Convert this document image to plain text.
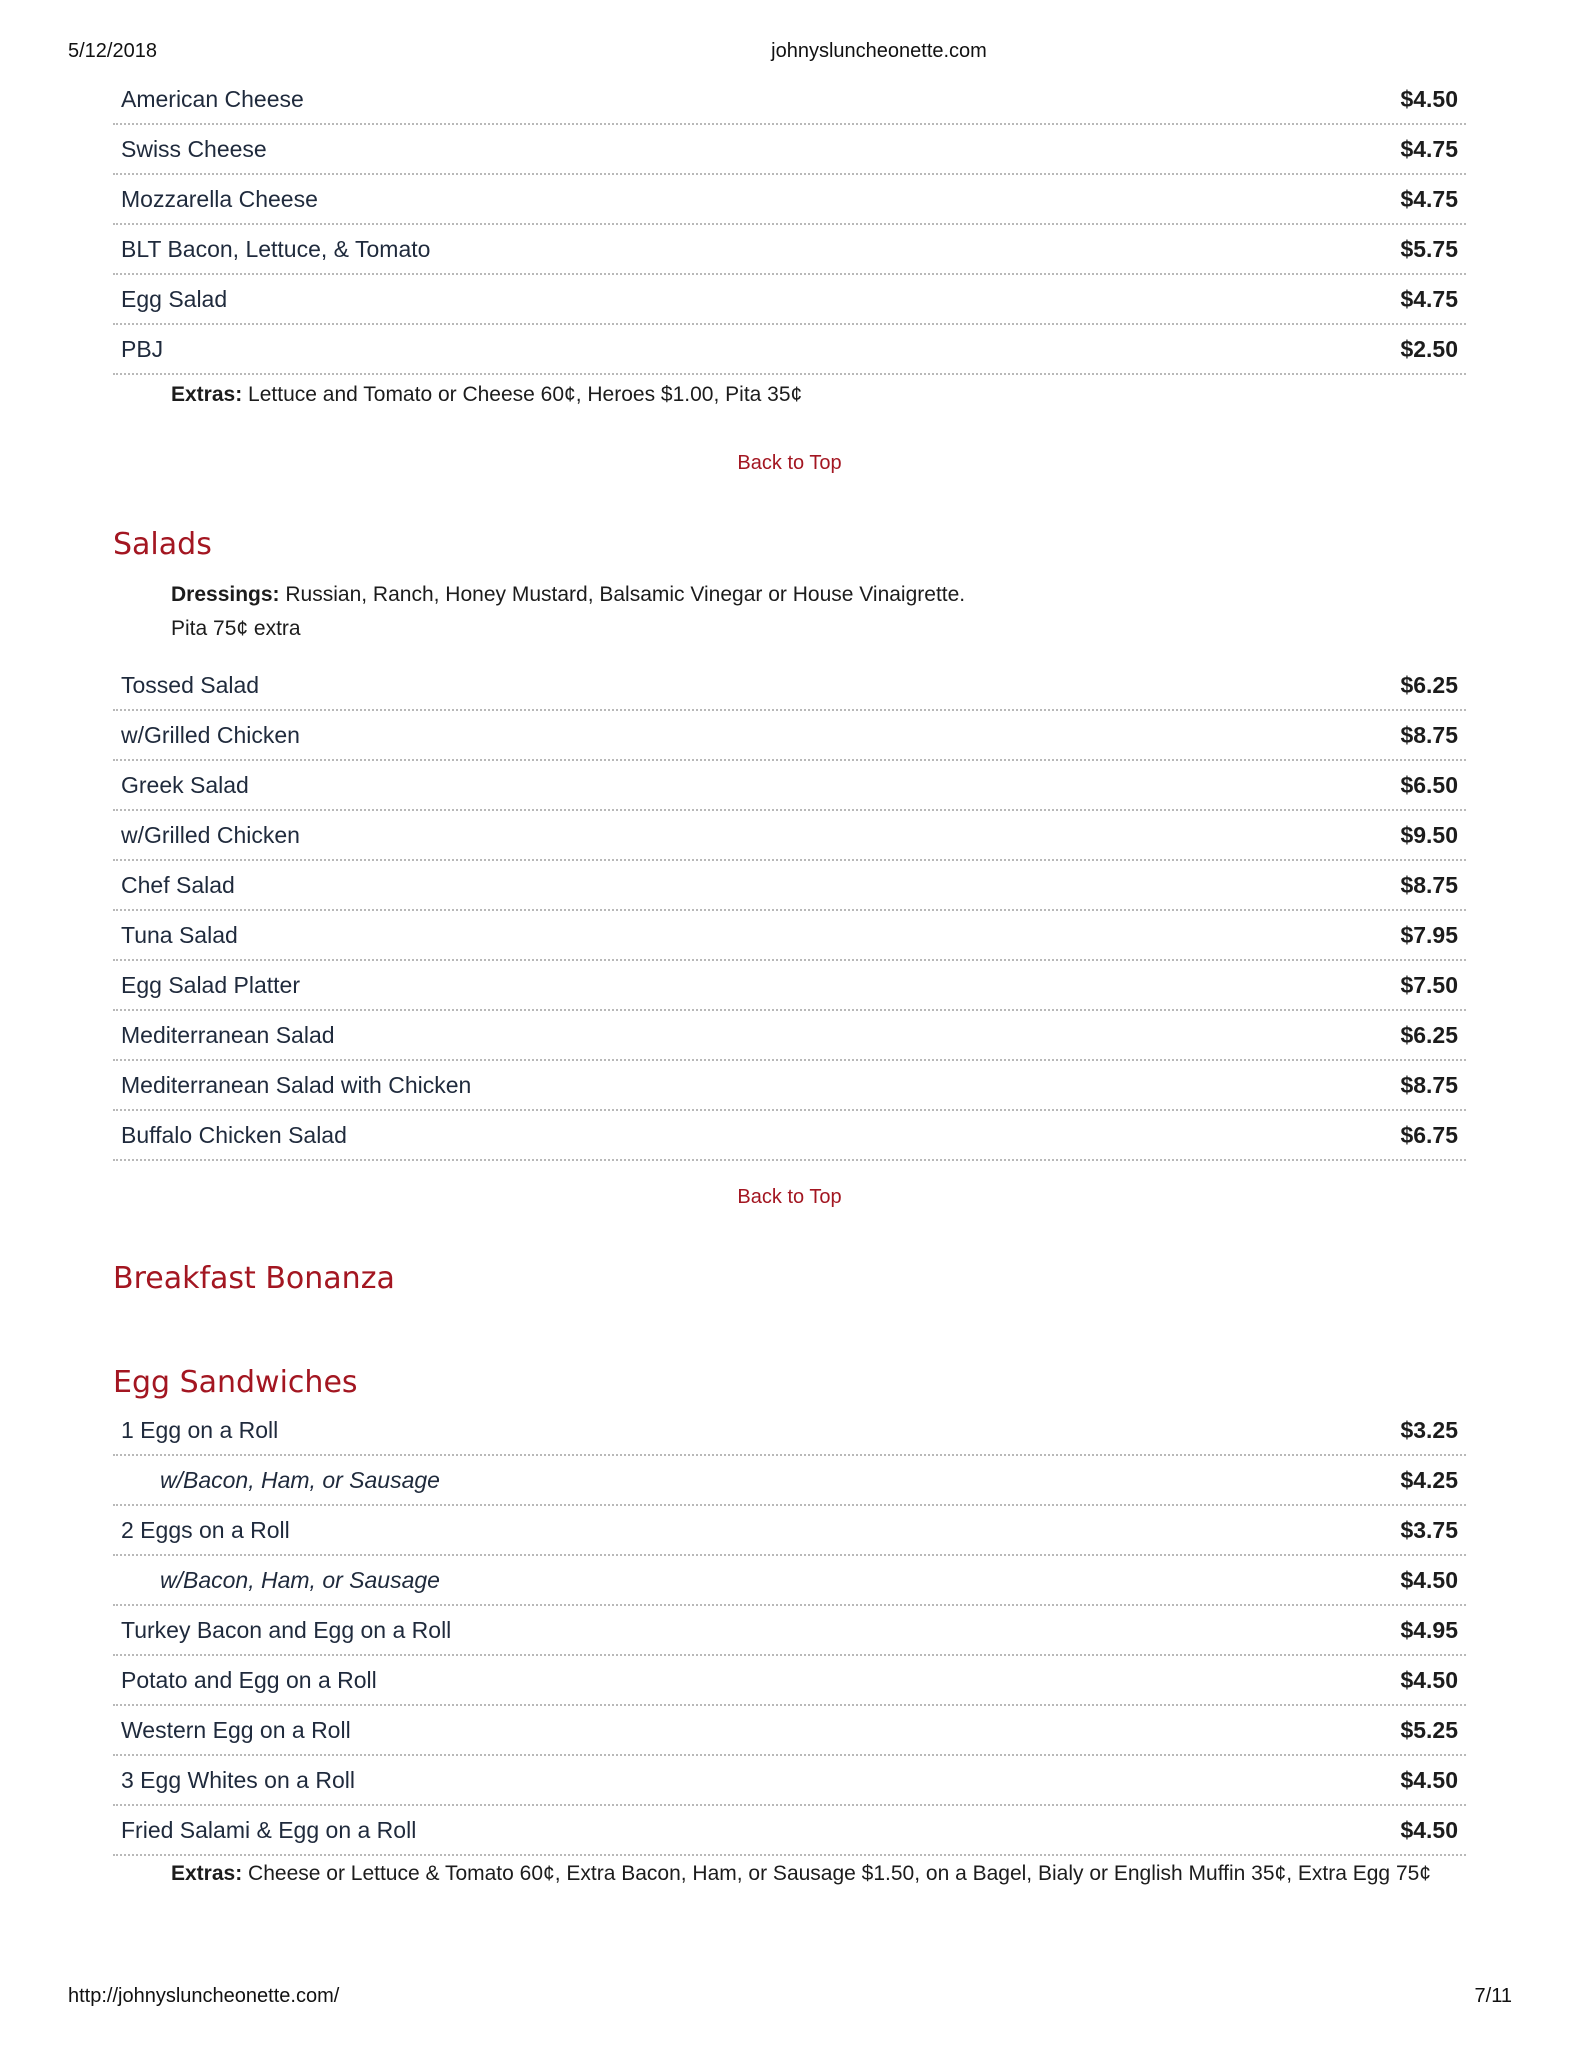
5/12/2018	johnysluncheonette.com
American Cheese	$4.50
Swiss Cheese	$4.75
Mozzarella Cheese	$4.75
BLT Bacon, Lettuce, & Tomato	$5.75
Egg Salad	$4.75
PBJ	$2.50
Extras: Lettuce and Tomato or Cheese 60¢, Heroes $1.00, Pita 35¢
Back to Top
Salads
Dressings: Russian, Ranch, Honey Mustard, Balsamic Vinegar or House Vinaigrette.
Pita 75¢ extra
Tossed Salad	$6.25
w/Grilled Chicken	$8.75
Greek Salad	$6.50
w/Grilled Chicken	$9.50
Chef Salad	$8.75
Tuna Salad	$7.95
Egg Salad Platter	$7.50
Mediterranean Salad	$6.25
Mediterranean Salad with Chicken	$8.75
Buffalo Chicken Salad	$6.75
Back to Top
Breakfast Bonanza
Egg Sandwiches
1 Egg on a Roll	$3.25
w/Bacon, Ham, or Sausage	$4.25
2 Eggs on a Roll	$3.75
w/Bacon, Ham, or Sausage	$4.50
Turkey Bacon and Egg on a Roll	$4.95
Potato and Egg on a Roll	$4.50
Western Egg on a Roll	$5.25
3 Egg Whites on a Roll	$4.50
Fried Salami & Egg on a Roll	$4.50
Extras: Cheese or Lettuce & Tomato 60¢, Extra Bacon, Ham, or Sausage $1.50, on a Bagel, Bialy or English Muffin 35¢, Extra Egg 75¢
http://johnysluncheonette.com/	7/11
